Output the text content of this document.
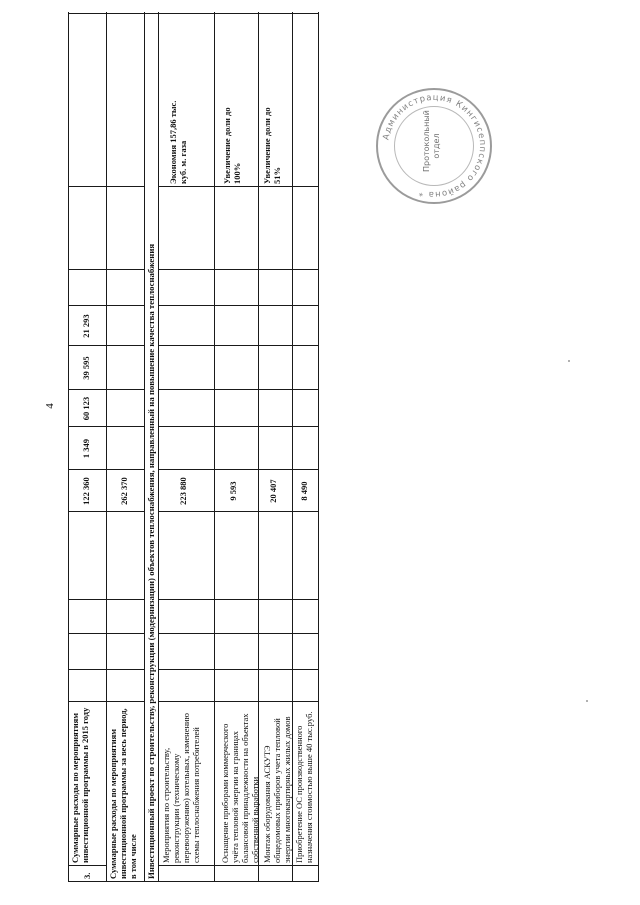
4
3.
Суммарные расходы по мероприятиям инвестиционной программы в 2015 году
122 360
1 349
60 123
39 595
21 293
Суммарные расходы по мероприятиям инвестиционной программы за весь период, в том числе
262 370	Инвестиционный проект по строительству, реконструкции (модернизации) объектов теплоснабжения, направленный на повышение качества теплоснабжения Мероприятия по строительству, реконструкции (техническому перевооружению) котельных, изменению схемы теплоснабжения потребителей
223 880
Экономия 157,86 тыс. куб. м. газа
Оснащение приборами коммерческого учёта тепловой энергии на границах балансовой принадлежности на объектах собственной выработки
9 593
Увеличение доли до 100%
Монтаж оборудования АСКУТЭ общедомовых приборов учета тепловой энергии многоквартирных жилых домов
20 407
Увеличение доли до 51%
Приобретение ОС производственного назначения стоимостью выше 40 тыс.руб.
8 490
Администрация Кингисеппского района *
Протокольный отдел
